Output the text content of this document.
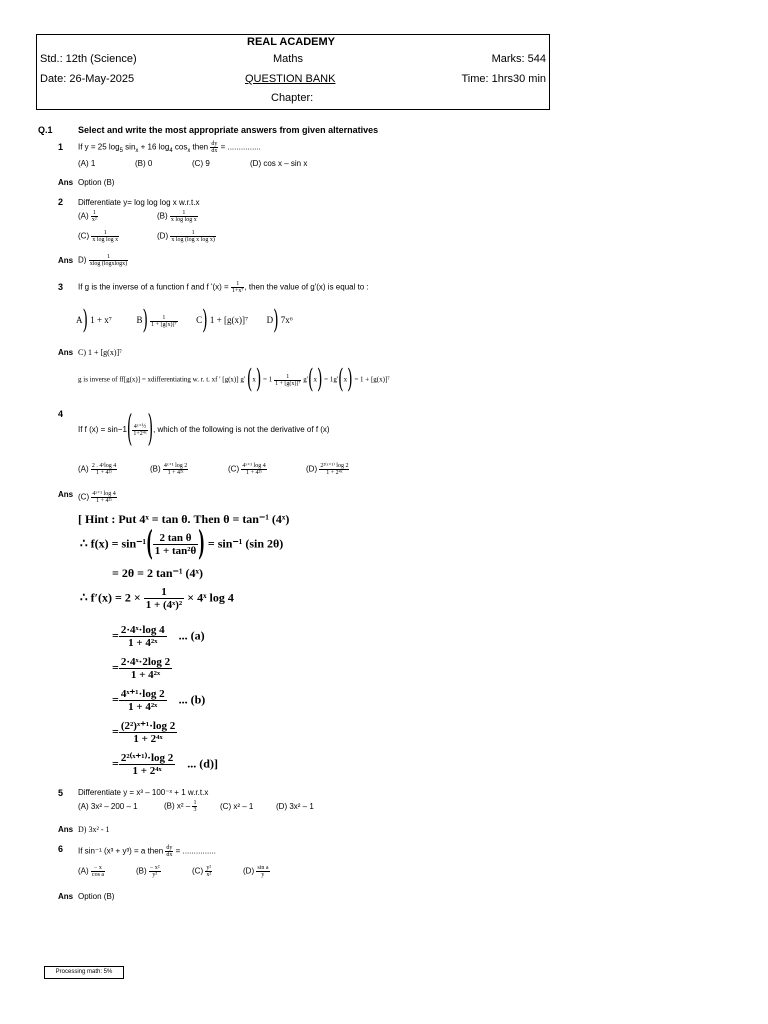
REAL ACADEMY
Std.: 12th (Science)	Maths	Marks: 544
Date: 26-May-2025	QUESTION BANK	Time: 1hrs30 min
Chapter:
Q.1	Select and write the most appropriate answers from given alternatives
1 If y = 25 $\log_5 \sin_x + 16$ $\log_4 \cos_x$ then $\frac{dy}{dx}$ = ...............
(A) 1	(B) 0	(C) 9	(D) cos x – sin x
Ans Option (B)
2 Differentiate y= log log log x w.r.t.x
$(A) \frac{1}{\text{x²}}$	$(B) \frac{1}{\text{x log log x}}$
$(C) \frac{1}{\text{x log log x}}$	$(D) \frac{1}{\text{x log (log x log x)}}$
Ans $D) \frac{1}{\text{xlog (logxlogx)}}$
3 If g is the inverse of a function f and f '$(x) = \frac{1}{\text{1+x⁷}}$ , then the value of g'(x) is equal to :
A) 1 + x⁷	$B) \frac{1}{\text{1 + [g(x)]⁷}} C$) 1 + [g(x)]⁷ D) 7x⁶
Ans C) 1 + [g(x)]⁷
g is inverse of ff[g(x)] = xdifferentiating w. r. t. xf ' [g(x)] g' $(x) = 1 \frac{1}{\text{1 + [g(x)]⁷}} g'(x) = 1g'(x) = 1 + [g(x)]^7$
4
If f $(x) = \sin-1( \frac{\text{4ˣ⁺½}}{\text{1+2⁴ˣ}}$ ), which of the following is not the derivative of f (x)
$(A) \frac{\text{2 . 4ˣlog 4}}{\text{1 + 4²ˣ}}$	$(B) \frac{\text{4ˣ⁺¹ log 2}}{\text{1 + 4²ˣ}}$	$(C) \frac{\text{4ˣ⁺¹ log 4}}{\text{1 + 4²ˣ}}$	$(D) \frac{\text{2²⁽ˣ⁺¹⁾ log 2}}{\text{1 + 2⁴ˣ}}$
Ans $(C) \frac{\text{4ˣ⁺¹ log 4}}{\text{1 + 4²ˣ}}$
[ Hint : Put 4ˣ = tan θ. Then θ = tan⁻¹ (4ˣ)
∴ $f(x) = \sin^{-1}( \frac{\text{2 tan θ}}{\text{1 + tan²θ}}$ ) = sin⁻¹ (sin 2θ)
= 2θ = 2 tan⁻¹ (4ˣ)
∴ $f'(x) = 2 \times \frac{1}{\text{1 + (4ˣ)²}}$ × 4ˣ log 4
= $\frac{\text{2·4ˣ·log 4}}{\text{1 + 4²ˣ}}$ ... (a)
= $\frac{\text{2·4ˣ·2log 2}}{\text{1 + 4²ˣ}}$
= $\frac{\text{4ˣ⁺¹·log 2}}{\text{1 + 4²ˣ}}$ ... (b)
= $\frac{\text{(2²)ˣ⁺¹·log 2}}{\text{1 + 2⁴ˣ}}$
= $\frac{\text{2²⁽ˣ⁺¹⁾·log 2}}{\text{1 + 2⁴ˣ}}$ ... (d)]
5 Differentiate y = x³ – 100⁻ˣ + 1 w.r.t.x
(A) 3x² – 200 – 1	(B) $x^2 - \frac{1}{3}$	(C) x² – 1	(D) 3x² – 1
Ans D) 3x² - 1
6 If sin⁻¹ (x³ + y³) = a then $\frac{dy}{dx}$ = ...............
$(A) \frac{- x}{\text{cos a}}$	$(B) \frac{\text{− x²}}{\text{y²}}$	$(C) \frac{\text{y²}}{\text{x²}}$	$(D) \frac{\text{sin a}}{y}$
Ans Option (B)
Processing math: 5%
